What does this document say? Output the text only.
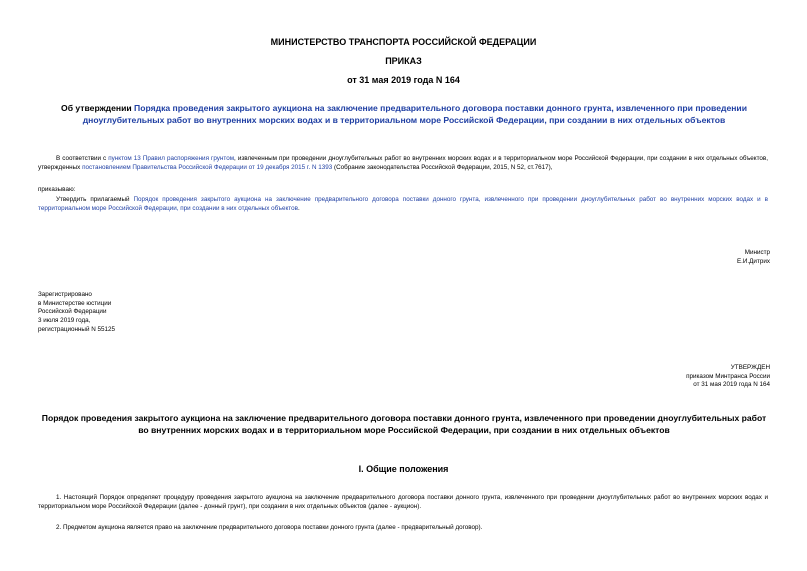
МИНИСТЕРСТВО ТРАНСПОРТА РОССИЙСКОЙ ФЕДЕРАЦИИ
ПРИКАЗ
от 31 мая 2019 года N 164
Об утверждении Порядка проведения закрытого аукциона на заключение предварительного договора поставки донного грунта, извлеченного при проведении дноуглубительных работ во внутренних морских водах и в территориальном море Российской Федерации, при создании в них отдельных объектов
В соответствии с пунктом 13 Правил распоряжения грунтом, извлеченным при проведении дноуглубительных работ во внутренних морских водах и в территориальном море Российской Федерации, при создании в них отдельных объектов, утвержденных постановлением Правительства Российской Федерации от 19 декабря 2015 г. N 1393 (Собрание законодательства Российской Федерации, 2015, N 52, ст.7617),
приказываю:
Утвердить прилагаемый Порядок проведения закрытого аукциона на заключение предварительного договора поставки донного грунта, извлеченного при проведении дноуглубительных работ во внутренних морских водах и в территориальном море Российской Федерации, при создании в них отдельных объектов.
Министр
Е.И.Дитрих
Зарегистрировано
в Министерстве юстиции
Российской Федерации
3 июля 2019 года,
регистрационный N 55125
УТВЕРЖДЕН
приказом Минтранса России
от 31 мая 2019 года N 164
Порядок проведения закрытого аукциона на заключение предварительного договора поставки донного грунта, извлеченного при проведении дноуглубительных работ во внутренних морских водах и в территориальном море Российской Федерации, при создании в них отдельных объектов
I. Общие положения
1. Настоящий Порядок определяет процедуру проведения закрытого аукциона на заключение предварительного договора поставки донного грунта, извлеченного при проведении дноуглубительных работ во внутренних морских водах и территориальном море Российской Федерации (далее - донный грунт), при создании в них отдельных объектов (далее - аукцион).
2. Предметом аукциона является право на заключение предварительного договора поставки донного грунта (далее - предварительный договор).
